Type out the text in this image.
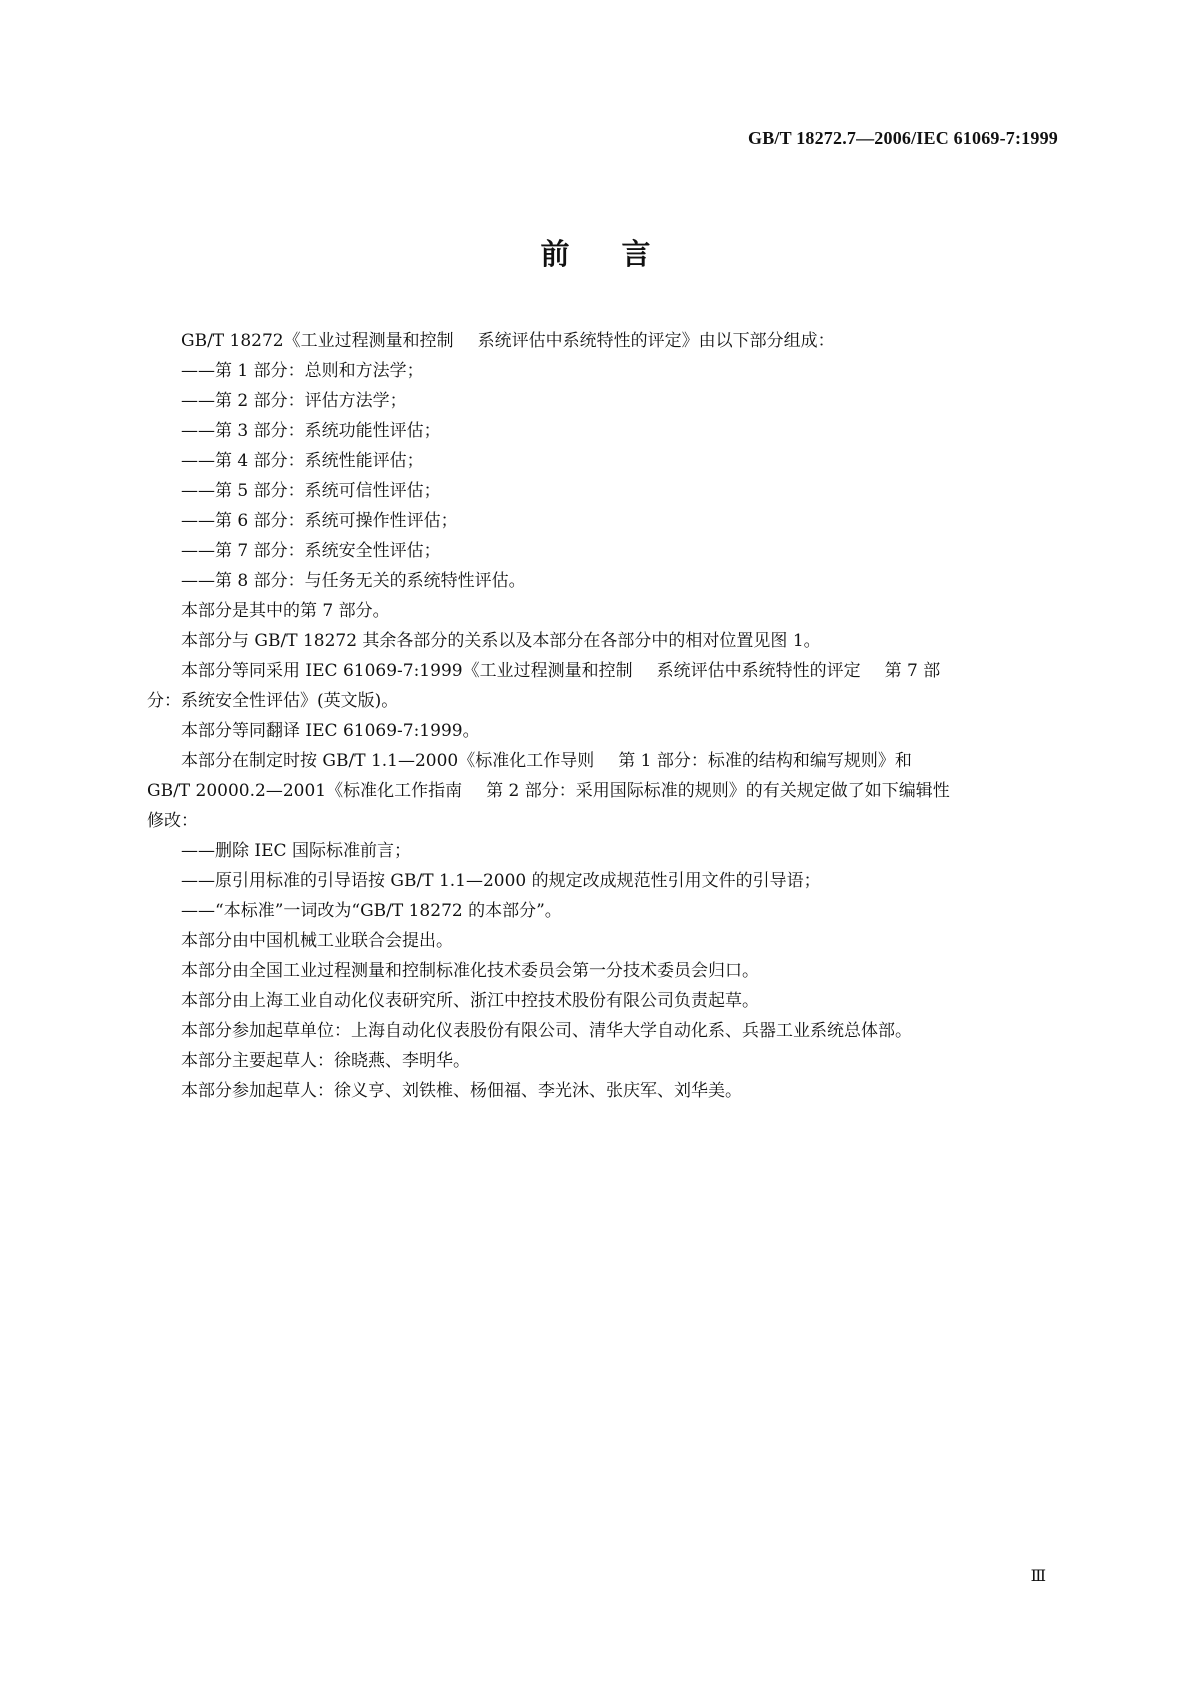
GB/T 18272.7—2006/IEC 61069-7:1999
前言
GB/T 18272《工业过程测量和控制 系统评估中系统特性的评定》由以下部分组成：
——第 1 部分：总则和方法学；
——第 2 部分：评估方法学；
——第 3 部分：系统功能性评估；
——第 4 部分：系统性能评估；
——第 5 部分：系统可信性评估；
——第 6 部分：系统可操作性评估；
——第 7 部分：系统安全性评估；
——第 8 部分：与任务无关的系统特性评估。
本部分是其中的第 7 部分。
本部分与 GB/T 18272 其余各部分的关系以及本部分在各部分中的相对位置见图 1。
本部分等同采用 IEC 61069-7:1999《工业过程测量和控制 系统评估中系统特性的评定 第 7 部
分：系统安全性评估》(英文版)。
本部分等同翻译 IEC 61069-7:1999。
本部分在制定时按 GB/T 1.1—2000《标准化工作导则 第 1 部分：标准的结构和编写规则》和
GB/T 20000.2—2001《标准化工作指南 第 2 部分：采用国际标准的规则》的有关规定做了如下编辑性
修改：
——删除 IEC 国际标准前言；
——原引用标准的引导语按 GB/T 1.1—2000 的规定改成规范性引用文件的引导语；
——“本标准”一词改为“GB/T 18272 的本部分”。
本部分由中国机械工业联合会提出。
本部分由全国工业过程测量和控制标准化技术委员会第一分技术委员会归口。
本部分由上海工业自动化仪表研究所、浙江中控技术股份有限公司负责起草。
本部分参加起草单位：上海自动化仪表股份有限公司、清华大学自动化系、兵器工业系统总体部。
本部分主要起草人：徐晓燕、李明华。
本部分参加起草人：徐义亨、刘铁椎、杨佃福、李光沐、张庆军、刘华美。
Ⅲ
